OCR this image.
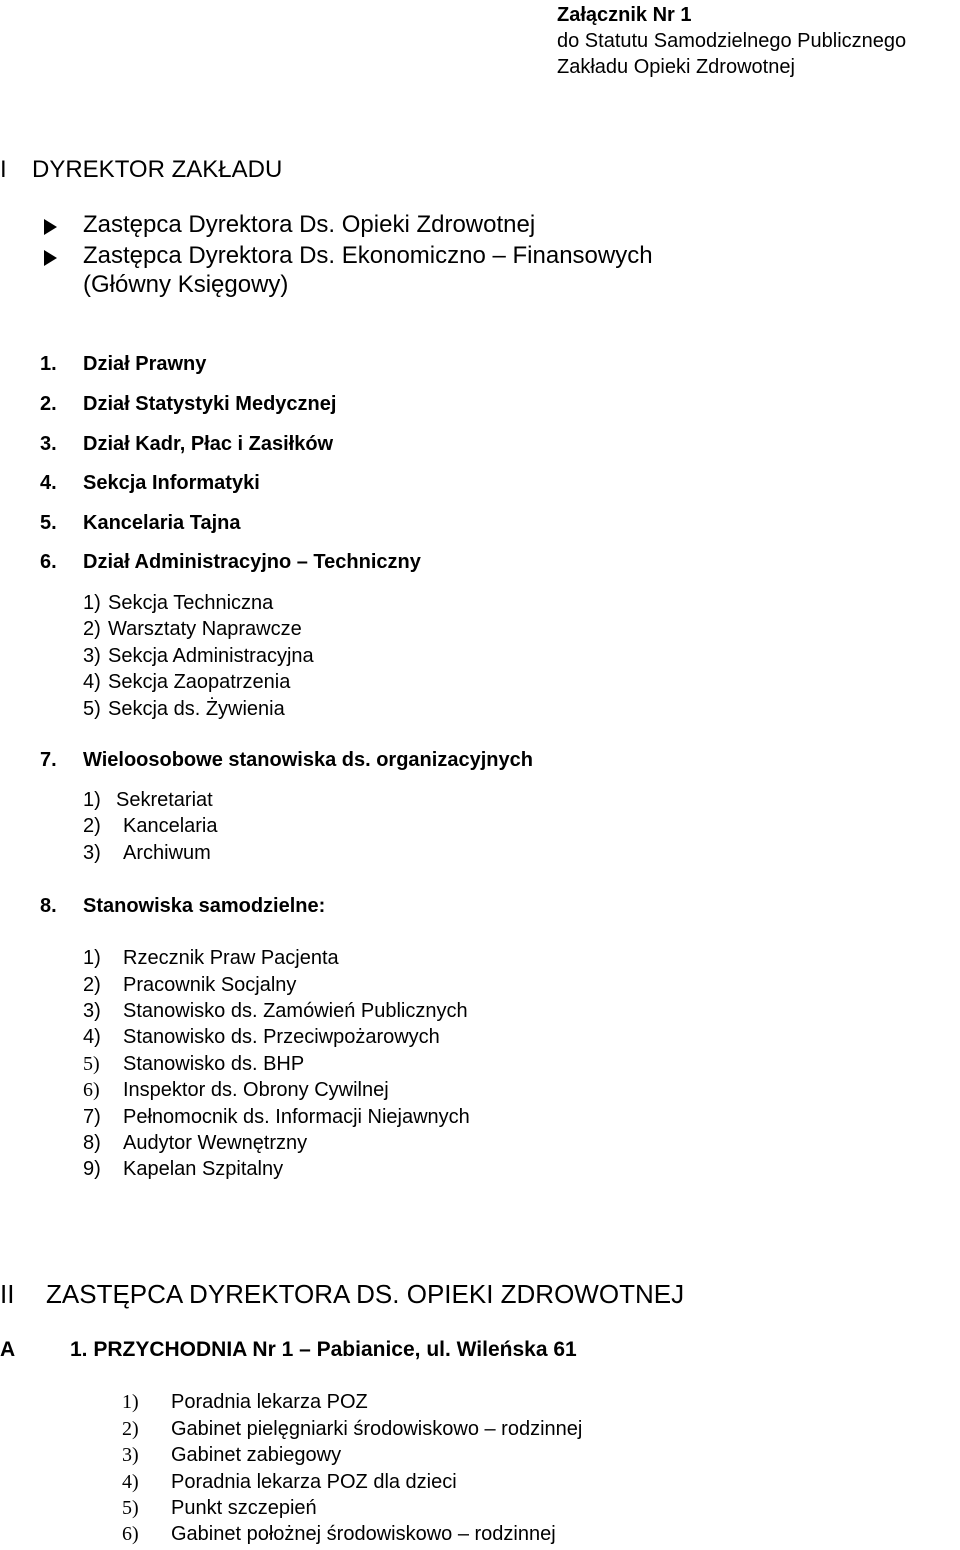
Załącznik Nr 1
do Statutu Samodzielnego Publicznego
Zakładu Opieki Zdrowotnej
I DYREKTOR ZAKŁADU
Zastępca Dyrektora Ds. Opieki Zdrowotnej
Zastępca Dyrektora Ds. Ekonomiczno – Finansowych
(Główny Księgowy)
1. Dział Prawny
2. Dział Statystyki Medycznej
3. Dział Kadr, Płac i Zasiłków
4. Sekcja Informatyki
5. Kancelaria Tajna
6. Dział Administracyjno – Techniczny
1) Sekcja Techniczna
2) Warsztaty Naprawcze
3) Sekcja Administracyjna
4) Sekcja Zaopatrzenia
5) Sekcja ds. Żywienia
7. Wieloosobowe stanowiska ds. organizacyjnych
1) Sekretariat
2) Kancelaria
3) Archiwum
8. Stanowiska samodzielne:
1) Rzecznik Praw Pacjenta
2) Pracownik Socjalny
3) Stanowisko ds. Zamówień Publicznych
4) Stanowisko ds. Przeciwpożarowych
5) Stanowisko ds. BHP
6) Inspektor ds. Obrony Cywilnej
7) Pełnomocnik ds. Informacji Niejawnych
8) Audytor Wewnętrzny
9) Kapelan Szpitalny
II ZASTĘPCA DYREKTORA DS. OPIEKI ZDROWOTNEJ
A	1. PRZYCHODNIA Nr 1 – Pabianice, ul. Wileńska 61
1) Poradnia lekarza POZ
2) Gabinet pielęgniarki środowiskowo – rodzinnej
3) Gabinet zabiegowy
4) Poradnia lekarza POZ dla dzieci
5) Punkt szczepień
6) Gabinet położnej środowiskowo – rodzinnej
